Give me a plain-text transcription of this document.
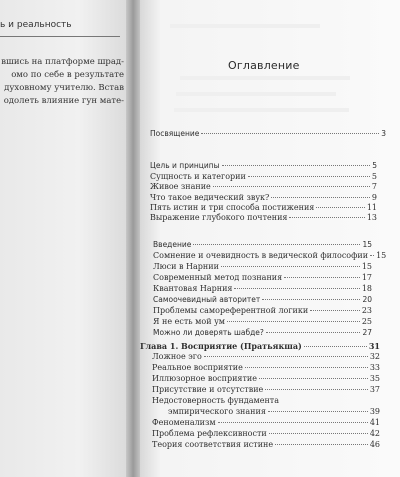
ь и реальность
вшись на платформе шрад-
омо по себе в результате
духовному учителю. Встав
одолеть влияние гун мате-
Оглавление
Посвящение	3
Цель и принципы	5
Сущность и категории	5
Живое знание	7
Что такое ведический звук?	9
Пять истин и три способа постижения	11
Выражение глубокого почтения	13
Введение	15
Сомнение и очевидность в ведической философии 15
Люси в Нарнии	15
Современный метод познания	17
Квантовая Нарния	18
Самоочевидный авторитет	20
Проблемы самореферентной логики	23
Я не есть мой ум	25
Можно ли доверять шабде?	27
Глава 1. Восприятие (Пратьякша)	31
Ложное эго	32
Реальное восприятие	33
Иллюзорное восприятие	35
Присутствие и отсутствие	37
Недостоверность фундамента
эмпирического знания	39
Феноменализм	41
Проблема рефлексивности	42
Теория соответствия истине	46
